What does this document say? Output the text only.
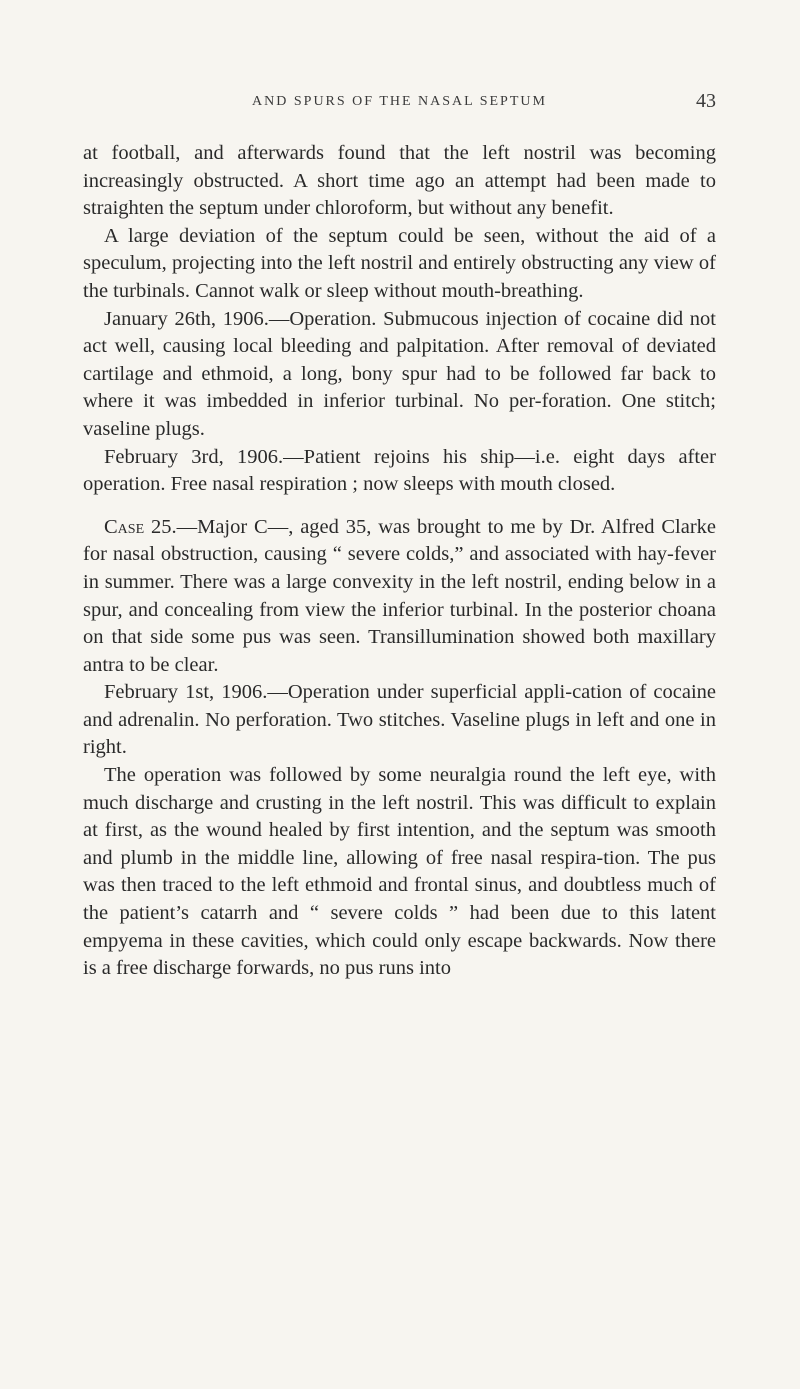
AND SPURS OF THE NASAL SEPTUM	43

at football, and afterwards found that the left nostril was becoming increasingly obstructed. A short time ago an attempt had been made to straighten the septum under chloroform, but without any benefit.

A large deviation of the septum could be seen, without the aid of a speculum, projecting into the left nostril and entirely obstructing any view of the turbinals. Cannot walk or sleep without mouth-breathing.

January 26th, 1906.—Operation. Submucous injection of cocaine did not act well, causing local bleeding and palpitation. After removal of deviated cartilage and ethmoid, a long, bony spur had to be followed far back to where it was imbedded in inferior turbinal. No per-foration. One stitch; vaseline plugs.

February 3rd, 1906.—Patient rejoins his ship—i.e. eight days after operation. Free nasal respiration ; now sleeps with mouth closed.

Case 25.—Major C—, aged 35, was brought to me by Dr. Alfred Clarke for nasal obstruction, causing “ severe colds,” and associated with hay-fever in summer. There was a large convexity in the left nostril, ending below in a spur, and concealing from view the inferior turbinal. In the posterior choana on that side some pus was seen. Transillumination showed both maxillary antra to be clear.

February 1st, 1906.—Operation under superficial appli-cation of cocaine and adrenalin. No perforation. Two stitches. Vaseline plugs in left and one in right.

The operation was followed by some neuralgia round the left eye, with much discharge and crusting in the left nostril. This was difficult to explain at first, as the wound healed by first intention, and the septum was smooth and plumb in the middle line, allowing of free nasal respira-tion. The pus was then traced to the left ethmoid and frontal sinus, and doubtless much of the patient’s catarrh and “ severe colds ” had been due to this latent empyema in these cavities, which could only escape backwards. Now there is a free discharge forwards, no pus runs into
